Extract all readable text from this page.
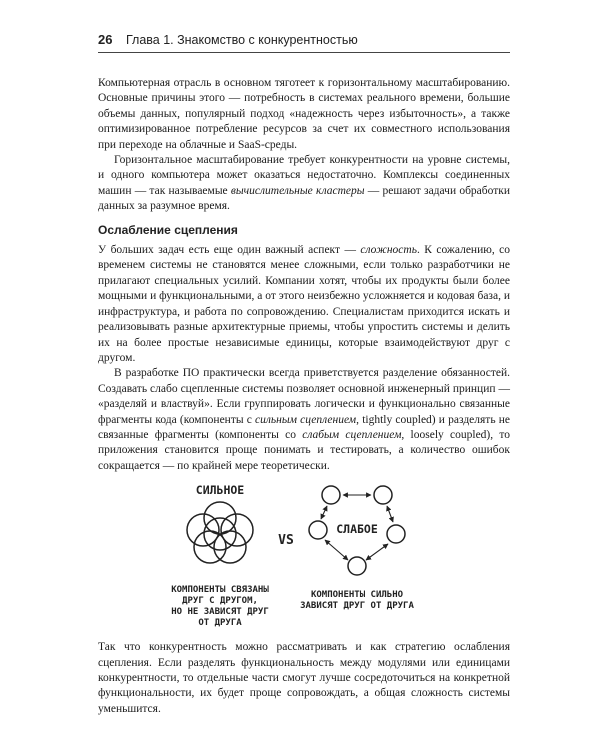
26 Глава 1. Знакомство с конкурентностью

Компьютерная отрасль в основном тяготеет к горизонтальному масштабированию. Основные причины этого — потребность в системах реального времени, большие объемы данных, популярный подход «надежность через избыточность», а также оптимизированное потребление ресурсов за счет их совместного использования при переходе на облачные и SaaS-среды.

Горизонтальное масштабирование требует конкурентности на уровне системы, и одного компьютера может оказаться недостаточно. Комплексы соединенных машин — так называемые вычислительные кластеры — решают задачи обработки данных за разумное время.

Ослабление сцепления

У больших задач есть еще один важный аспект — сложность. К сожалению, со временем системы не становятся менее сложными, если только разработчики не прилагают специальных усилий. Компании хотят, чтобы их продукты были более мощными и функциональными, а от этого неизбежно усложняется и кодовая база, и инфраструктура, и работа по сопровождению. Специалистам приходится искать и реализовывать разные архитектурные приемы, чтобы упростить системы и делить их на более простые независимые единицы, которые взаимодействуют друг с другом.

В разработке ПО практически всегда приветствуется разделение обязанностей. Создавать слабо сцепленные системы позволяет основной инженерный принцип — «разделяй и властвуй». Если группировать логически и функционально связанные фрагменты кода (компоненты с сильным сцеплением, tightly coupled) и разделять не связанные фрагменты (компоненты со слабым сцеплением, loosely coupled), то приложения становится проще понимать и тестировать, а количество ошибок сокращается — по крайней мере теоретически.

СИЛЬНОЕ
КОМПОНЕНТЫ СВЯЗАНЫ
ДРУГ С ДРУГОМ,
НО НЕ ЗАВИСЯТ ДРУГ
ОТ ДРУГА
VS
СЛАБОЕ
КОМПОНЕНТЫ СИЛЬНО
ЗАВИСЯТ ДРУГ ОТ ДРУГА

Так что конкурентность можно рассматривать и как стратегию ослабления сцепления. Если разделять функциональность между модулями или единицами конкурентности, то отдельные части смогут лучше сосредоточиться на конкретной функциональности, их будет проще сопровождать, а общая сложность системы уменьшится.
